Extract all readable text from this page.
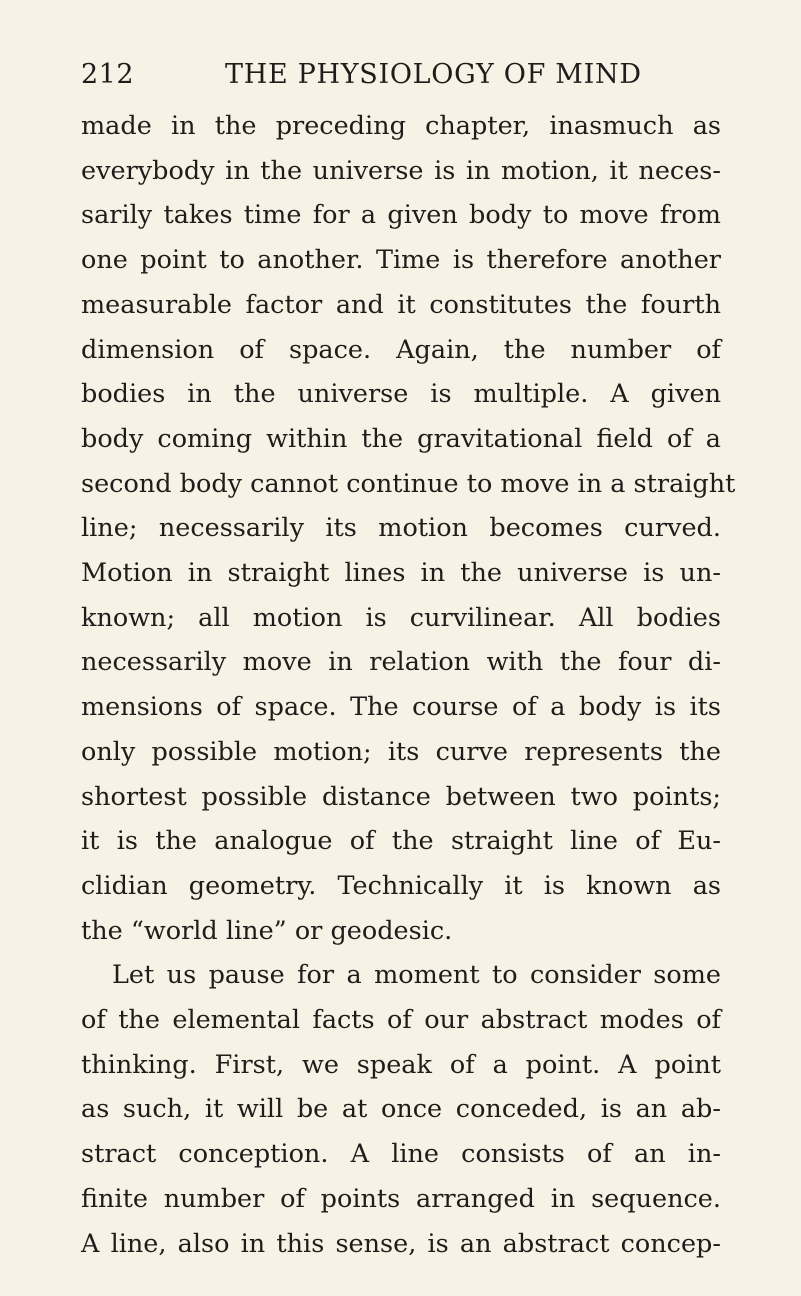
212	THE PHYSIOLOGY OF MIND
made in the preceding chapter, inasmuch as
everybody in the universe is in motion, it neces-
sarily takes time for a given body to move from
one point to another. Time is therefore another
measurable factor and it constitutes the fourth
dimension of space. Again, the number of
bodies in the universe is multiple. A given
body coming within the gravitational field of a
second body cannot continue to move in a straight
line; necessarily its motion becomes curved.
Motion in straight lines in the universe is un-
known; all motion is curvilinear. All bodies
necessarily move in relation with the four di-
mensions of space. The course of a body is its
only possible motion; its curve represents the
shortest possible distance between two points;
it is the analogue of the straight line of Eu-
clidian geometry. Technically it is known as
the “world line” or geodesic.
Let us pause for a moment to consider some
of the elemental facts of our abstract modes of
thinking. First, we speak of a point. A point
as such, it will be at once conceded, is an ab-
stract conception. A line consists of an in-
finite number of points arranged in sequence.
A line, also in this sense, is an abstract concep-
